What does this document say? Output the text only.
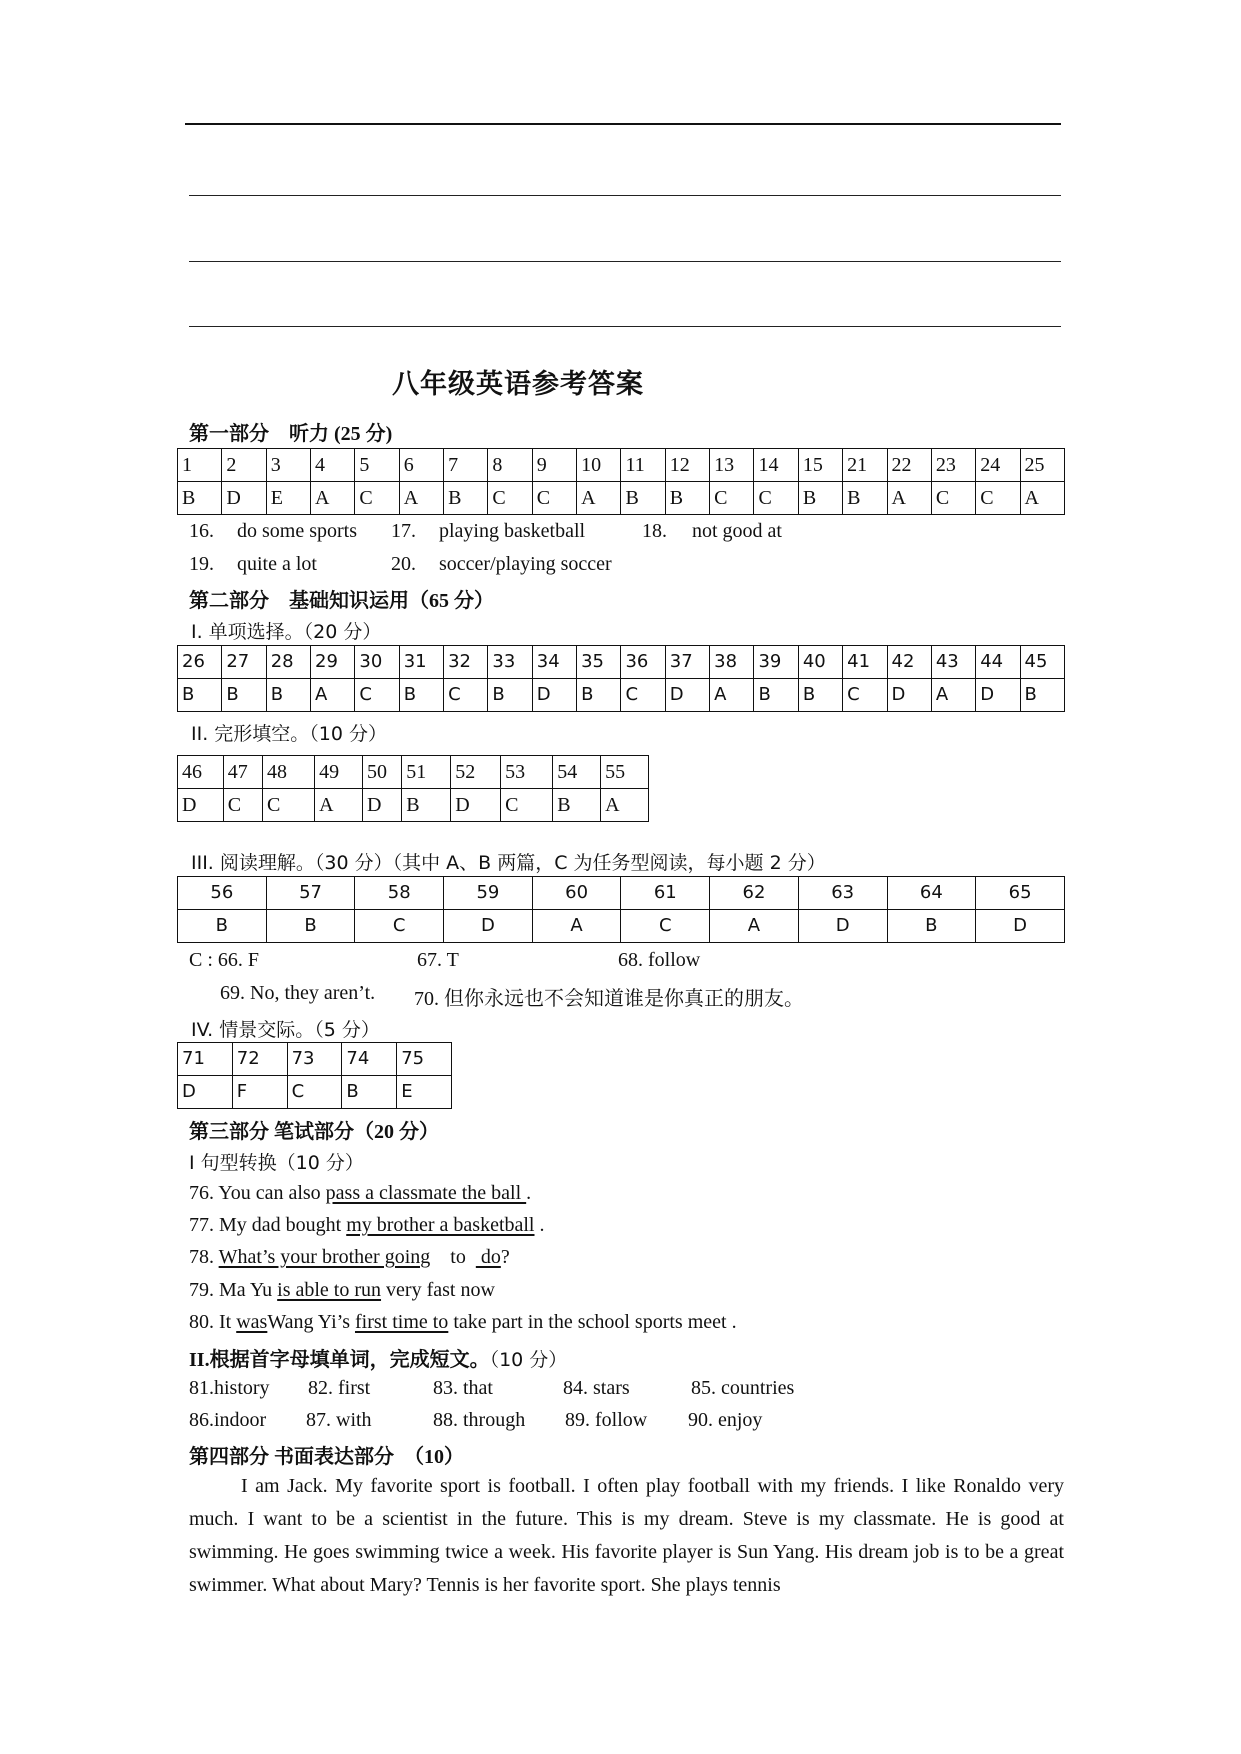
八年级英语参考答案
第一部分　听力 (25 分)
1	2	3	4	5	6	7	8	9	10	11	12	13	14	15	21	22	23	24	25
B	D	E	A	C	A	B	C	C	A	B	B	C	C	B	B	A	C	C	A
16. do some sports 17. playing basketball	18. not good at
19. quite a lot	20. soccer/playing soccer
第二部分　基础知识运用（65 分）
Ⅰ. 单项选择。（20 分）
26	27	28	29	30	31	32	33	34	35	36	37	38	39	40	41	42	43	44	45
B	B	B	A	C	B	C	B	D	B	C	D	A	B	B	C	D	A	D	B
II. 完形填空。（10 分）
46	47	48	49	50	51	52	53	54	55
D	C	C	A	D	B	D	C	B	A
III. 阅读理解。（30 分）（其中 A、B 两篇，C 为任务型阅读，每小题 2 分）
56	57	58	59	60	61	62	63	64	65
B	B	C	D	A	C	A	D	B	D
C : 66. F	67. T	68. follow
69. No, they aren’t. 70. 但你永远也不会知道谁是你真正的朋友。
IV. 情景交际。（5 分）
71	72	73	74	75
D	F	C	B	E
第三部分 笔试部分（20 分）
I 句型转换（10 分）
76. You can also pass a classmate the ball .
77. My dad bought my brother a basketball .
78. What’s your brother going    to   do?
79. Ma Yu is able to run very fast now
80. It wasWang Yi’s first time to take part in the school sports meet .
II.根据首字母填单词，完成短文。（10 分）
81.history 82. first	83. that	84. stars	85. countries
86.indoor 87. with	88. through 89. follow 90. enjoy
第四部分 书面表达部分　（10）
I am Jack. My favorite sport is football. I often play football with my friends. I like Ronaldo very much. I want to be a scientist in the future. This is my dream. Steve is my classmate. He is good at swimming. He goes swimming twice a week. His favorite player is Sun Yang. His dream job is to be a great swimmer. What about Mary? Tennis is her favorite sport. She plays tennis
